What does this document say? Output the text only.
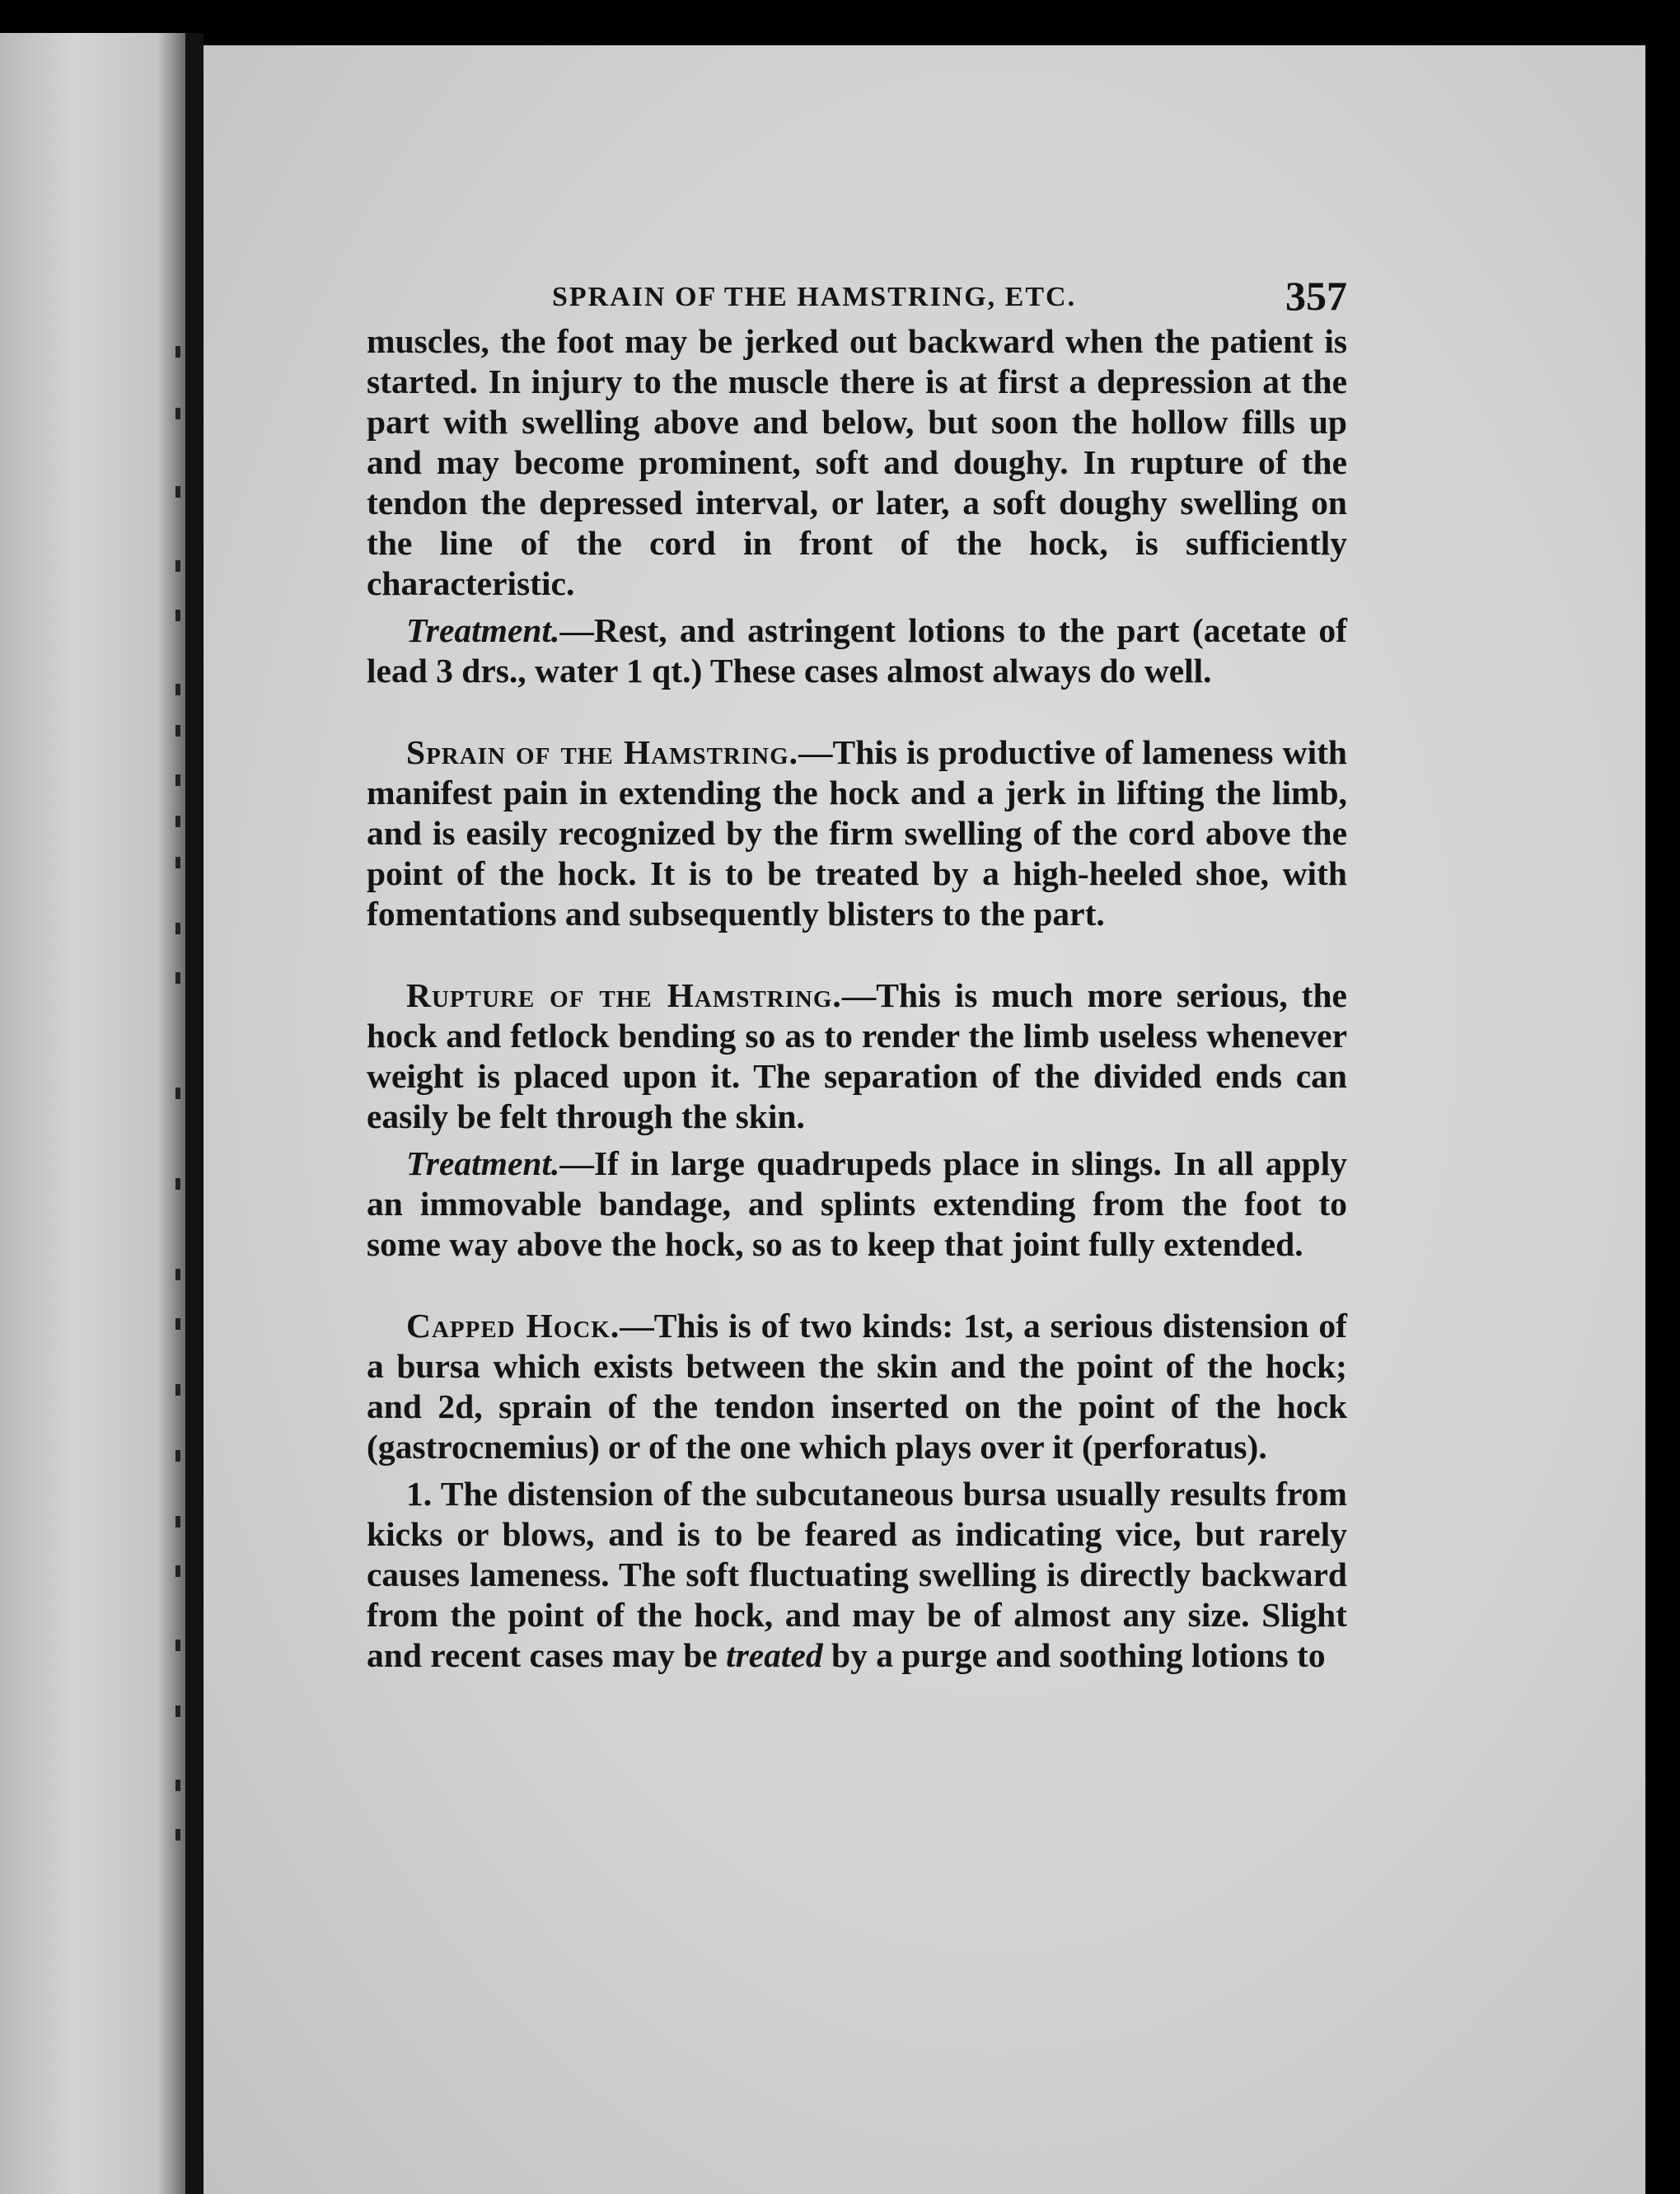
SPRAIN OF THE HAMSTRING, ETC.	357

muscles, the foot may be jerked out backward when the patient is started. In injury to the muscle there is at first a depression at the part with swelling above and below, but soon the hollow fills up and may become prominent, soft and doughy. In rupture of the tendon the depressed interval, or later, a soft doughy swelling on the line of the cord in front of the hock, is sufficiently characteristic.

Treatment.—Rest, and astringent lotions to the part (acetate of lead 3 drs., water 1 qt.) These cases almost always do well.

Sprain of the Hamstring.—This is productive of lameness with manifest pain in extending the hock and a jerk in lifting the limb, and is easily recognized by the firm swelling of the cord above the point of the hock. It is to be treated by a high-heeled shoe, with fomentations and subsequently blisters to the part.

Rupture of the Hamstring.—This is much more serious, the hock and fetlock bending so as to render the limb useless whenever weight is placed upon it. The separation of the divided ends can easily be felt through the skin.

Treatment.—If in large quadrupeds place in slings. In all apply an immovable bandage, and splints extending from the foot to some way above the hock, so as to keep that joint fully extended.

Capped Hock.—This is of two kinds: 1st, a serious distension of a bursa which exists between the skin and the point of the hock; and 2d, sprain of the tendon inserted on the point of the hock (gastrocnemius) or of the one which plays over it (perforatus).

1. The distension of the subcutaneous bursa usually results from kicks or blows, and is to be feared as indicating vice, but rarely causes lameness. The soft fluctuating swelling is directly backward from the point of the hock, and may be of almost any size. Slight and recent cases may be treated by a purge and soothing lotions to
